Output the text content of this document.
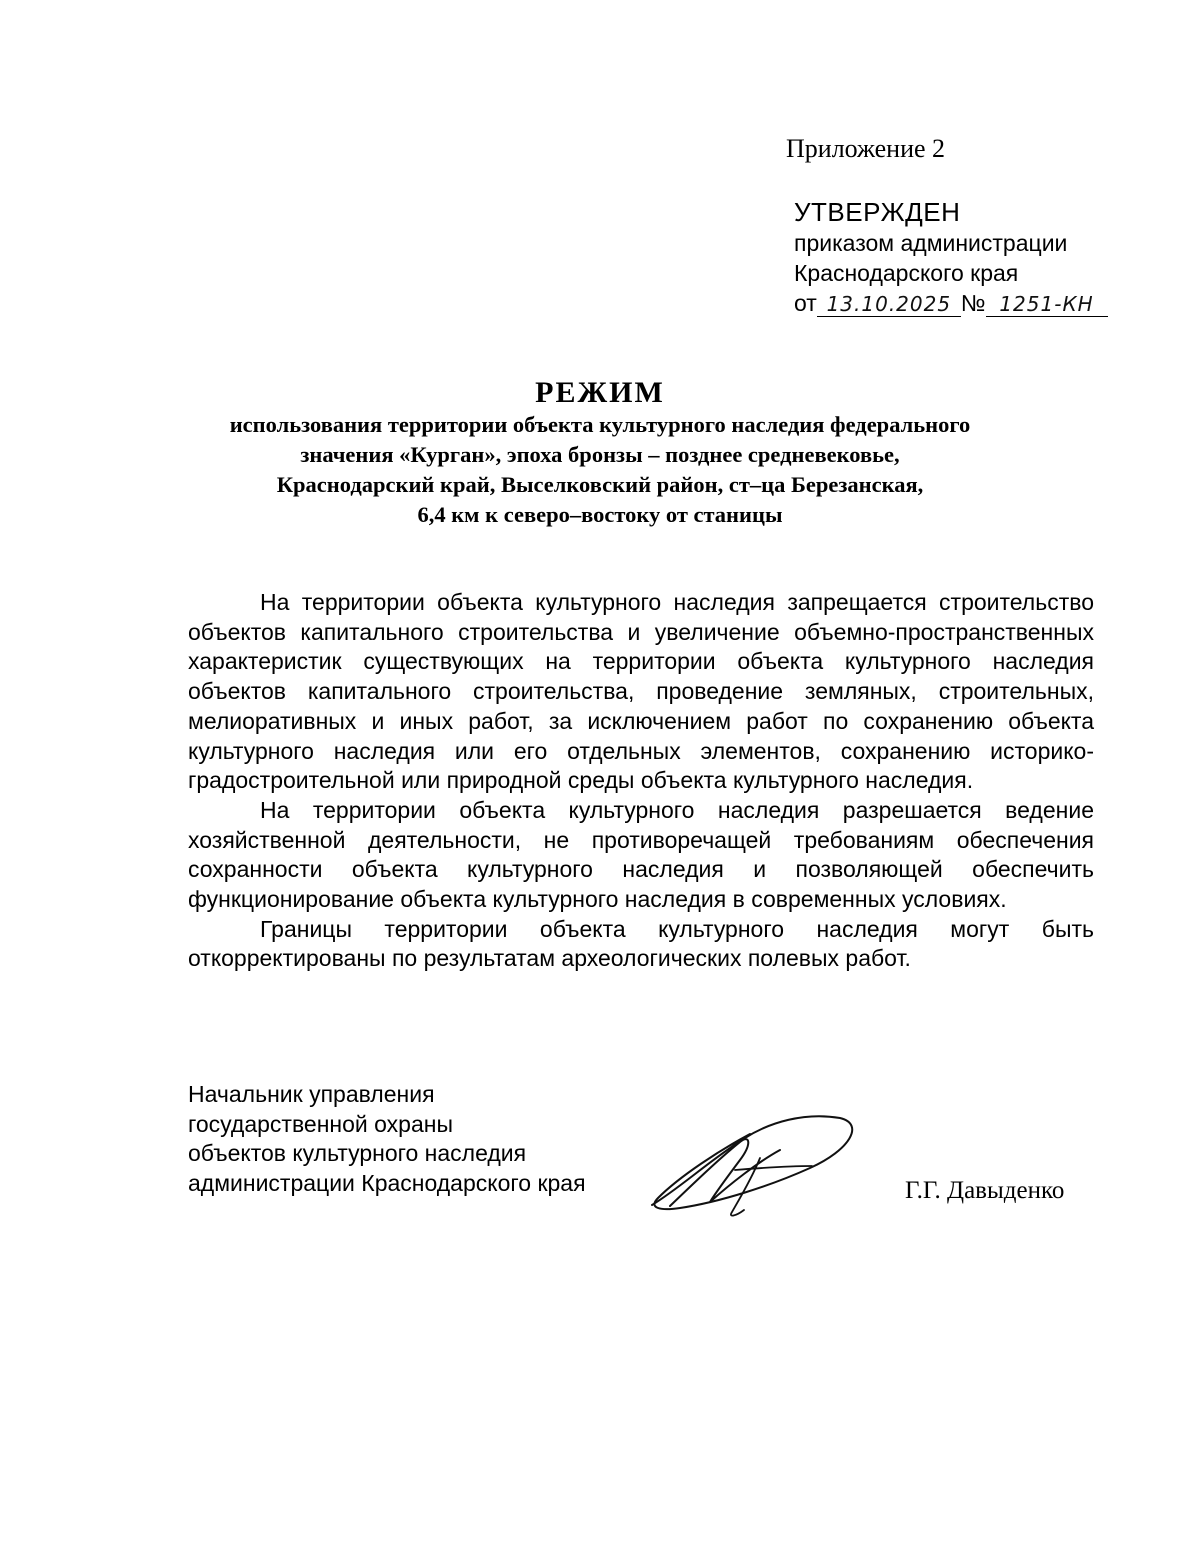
Приложение 2
УТВЕРЖДЕН
приказом администрации
Краснодарского края
от 13.10.2025 № 1251-КН
РЕЖИМ
использования территории объекта культурного наследия федерального
значения «Курган», эпоха бронзы – позднее средневековье,
Краснодарский край, Выселковский район, ст–ца Березанская,
6,4 км к северо–востоку от станицы

На территории объекта культурного наследия запрещается строительство объектов капитального строительства и увеличение объемно-пространственных характеристик существующих на территории объекта культурного наследия объектов капитального строительства, проведение земляных, строительных, мелиоративных и иных работ, за исключением работ по сохранению объекта культурного наследия или его отдельных элементов, сохранению историко-градостроительной или природной среды объекта культурного наследия.

На территории объекта культурного наследия разрешается ведение хозяйственной деятельности, не противоречащей требованиям обеспечения сохранности объекта культурного наследия и позволяющей обеспечить функционирование объекта культурного наследия в современных условиях.

Границы территории объекта культурного наследия могут быть откорректированы по результатам археологических полевых работ.

Начальник управления
государственной охраны
объектов культурного наследия
администрации Краснодарского края	Г.Г. Давыденко
